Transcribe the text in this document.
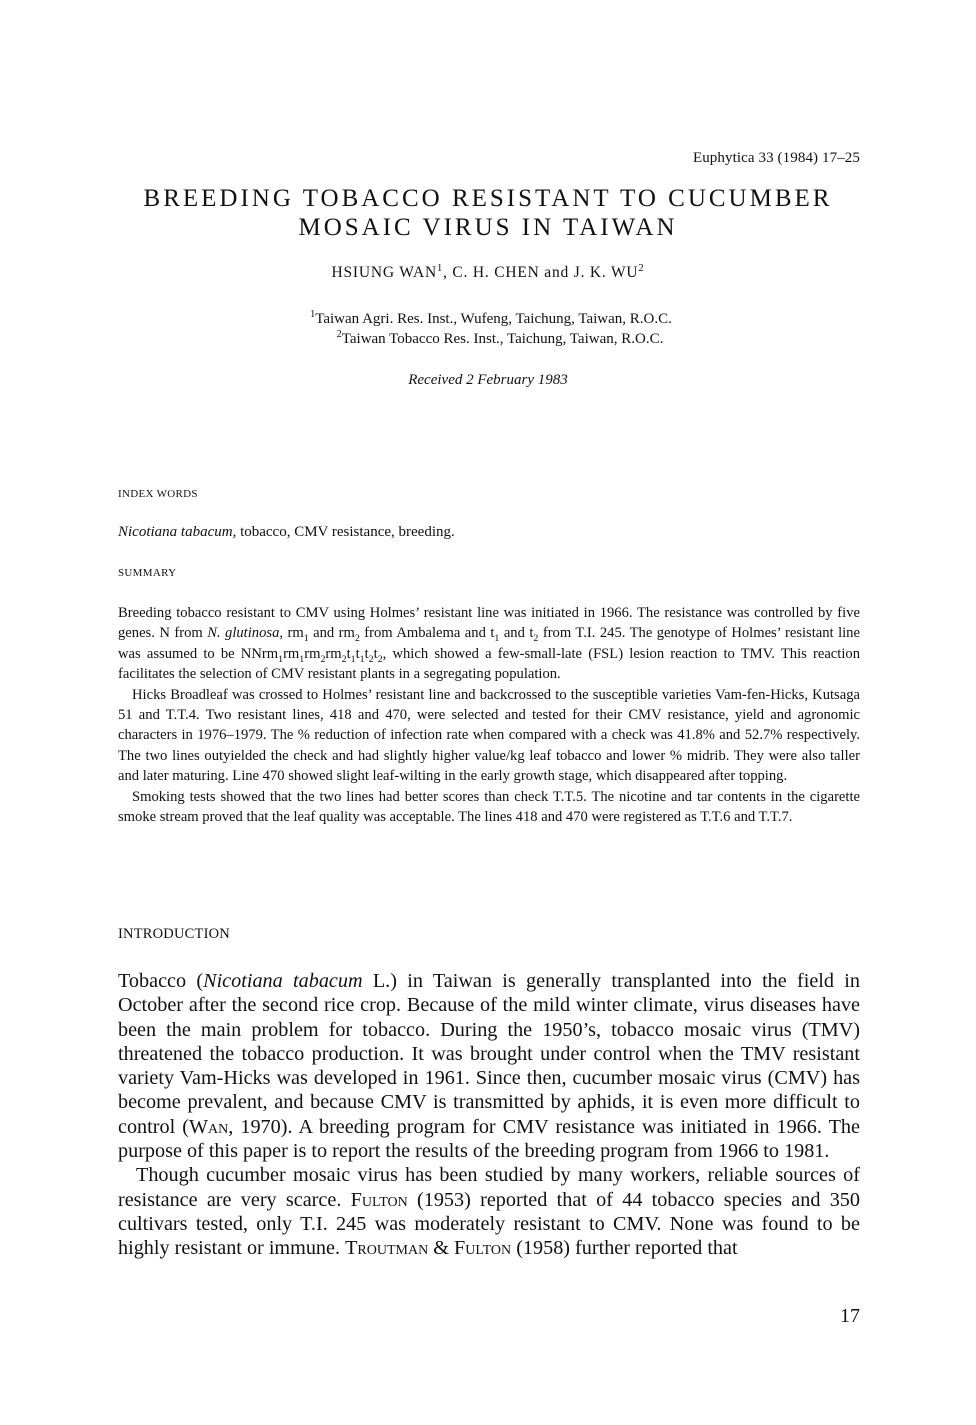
Euphytica 33 (1984) 17–25
BREEDING TOBACCO RESISTANT TO CUCUMBER
MOSAIC VIRUS IN TAIWAN
HSIUNG WAN$^1$, C. H. CHEN and J. K. $WU^2$
$^1$Taiwan Agri. Res. Inst., Wufeng, Taichung, Taiwan, R.O.C.
$^2$Taiwan Tobacco Res. Inst., Taichung, Taiwan, R.O.C.
Received 2 February 1983
INDEX WORDS
Nicotiana tabacum, tobacco, CMV resistance, breeding.
SUMMARY

Breeding tobacco resistant to CMV using Holmes’ resistant line was initiated in 1966. The resistance was controlled by five genes. N from N. glutinosa, $rm_1$ and $rm_2$ from Ambalema and $t_1$ and $t_2$ from T.I. 245. The genotype of Holmes’ resistant line was assumed to be $NNrm_1rm_1rm_2rm_2t_1t_1t_2t_2$, which showed a few-small-late (FSL) lesion reaction to TMV. This reaction facilitates the selection of CMV resistant plants in a segregating population.

Hicks Broadleaf was crossed to Holmes’ resistant line and backcrossed to the susceptible varieties Vam-fen-Hicks, Kutsaga 51 and T.T.4. Two resistant lines, 418 and 470, were selected and tested for their CMV resistance, yield and agronomic characters in 1976–1979. The % reduction of infection rate when compared with a check was 41.8% and 52.7% respectively. The two lines outyielded the check and had slightly higher value/kg leaf tobacco and lower % midrib. They were also taller and later maturing. Line 470 showed slight leaf-wilting in the early growth stage, which disappeared after topping.

Smoking tests showed that the two lines had better scores than check T.T.5. The nicotine and tar contents in the cigarette smoke stream proved that the leaf quality was acceptable. The lines 418 and 470 were registered as T.T.6 and T.T.7.

INTRODUCTION

Tobacco (Nicotiana tabacum L.) in Taiwan is generally transplanted into the field in October after the second rice crop. Because of the mild winter climate, virus diseases have been the main problem for tobacco. During the 1950’s, tobacco mosaic virus (TMV) threatened the tobacco production. It was brought under control when the TMV resistant variety Vam-Hicks was developed in 1961. Since then, cucumber mosaic virus (CMV) has become prevalent, and because CMV is transmitted by aphids, it is even more difficult to control (Wan, 1970). A breeding program for CMV resistance was initiated in 1966. The purpose of this paper is to report the results of the breeding program from 1966 to 1981.

Though cucumber mosaic virus has been studied by many workers, reliable sources of resistance are very scarce. Fulton (1953) reported that of 44 tobacco species and 350 cultivars tested, only T.I. 245 was moderately resistant to CMV. None was found to be highly resistant or immune. Troutman & Fulton (1958) further reported that

17
